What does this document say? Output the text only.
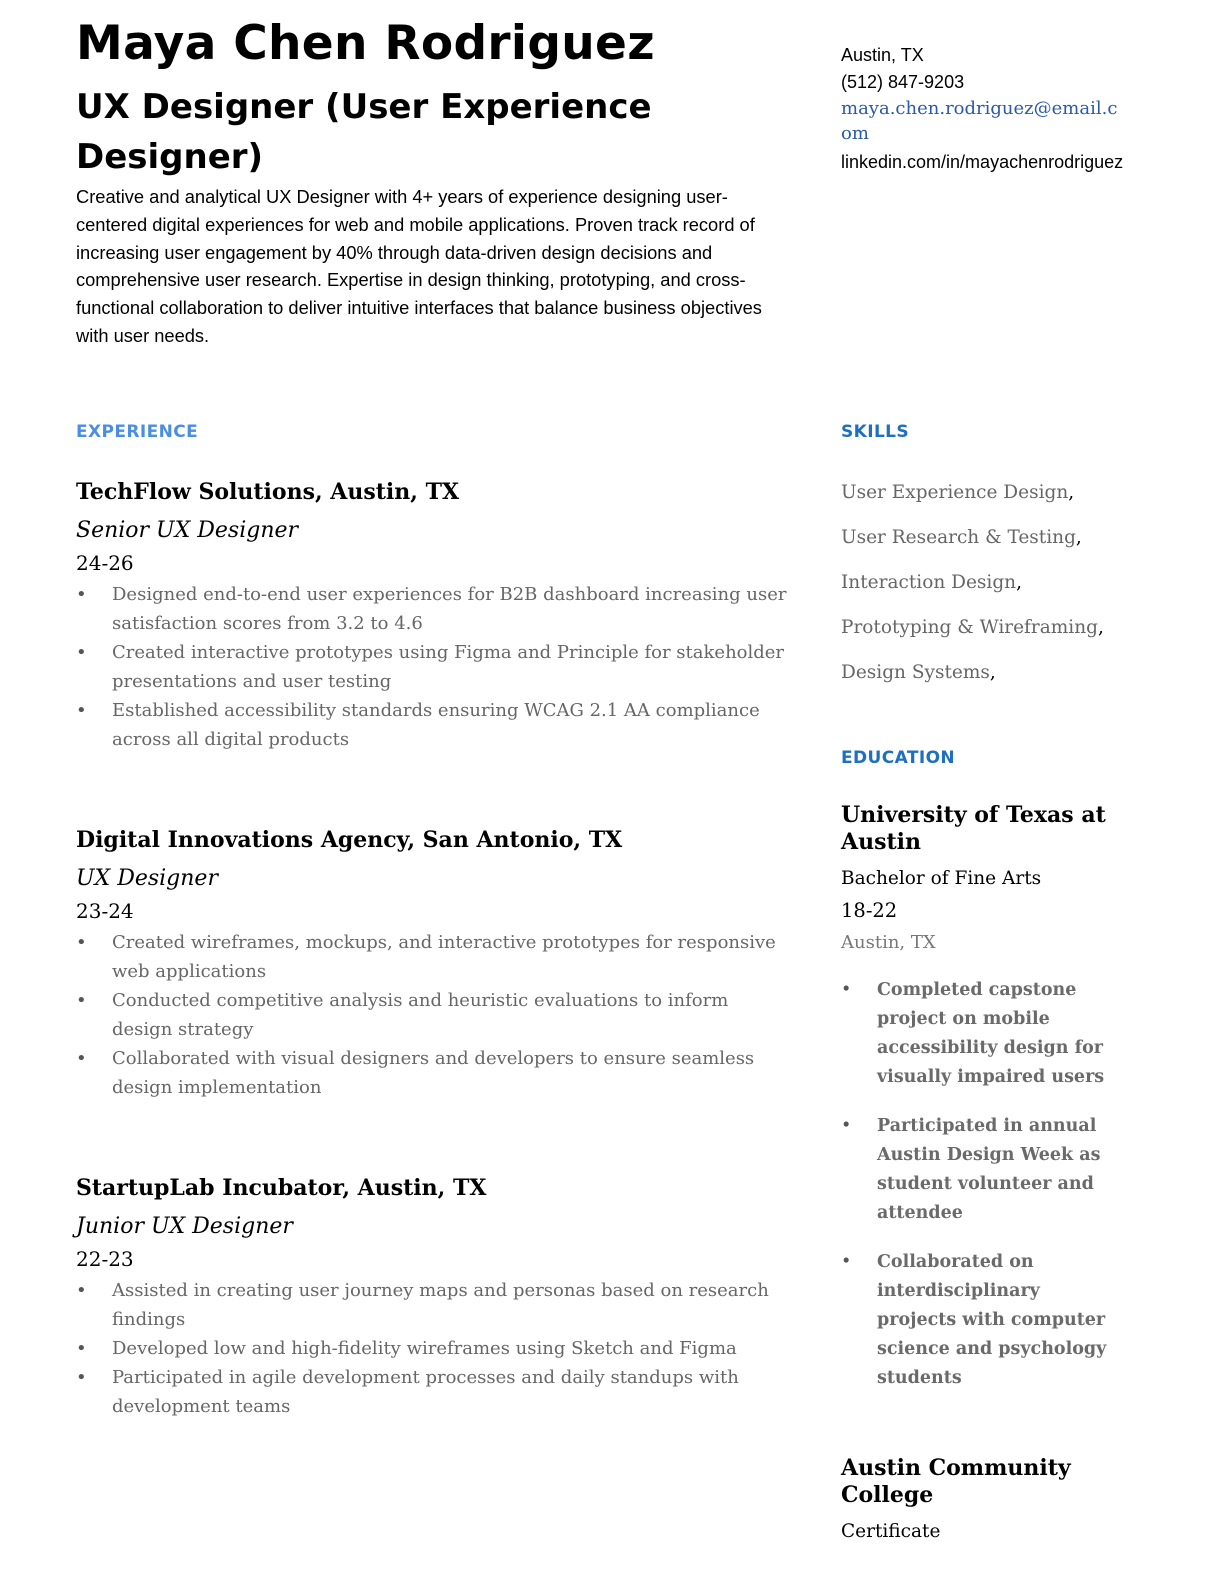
Maya Chen Rodriguez
UX Designer (User Experience Designer)

Creative and analytical UX Designer with 4+ years of experience designing user-centered digital experiences for web and mobile applications. Proven track record of increasing user engagement by 40% through data-driven design decisions and comprehensive user research. Expertise in design thinking, prototyping, and cross-functional collaboration to deliver intuitive interfaces that balance business objectives with user needs.

EXPERIENCE
TechFlow Solutions, Austin, TX
Senior UX Designer
24-26
• Designed end-to-end user experiences for B2B dashboard increasing user satisfaction scores from 3.2 to 4.6
• Created interactive prototypes using Figma and Principle for stakeholder presentations and user testing
• Established accessibility standards ensuring WCAG 2.1 AA compliance across all digital products
Digital Innovations Agency, San Antonio, TX
UX Designer
23-24
• Created wireframes, mockups, and interactive prototypes for responsive web applications
• Conducted competitive analysis and heuristic evaluations to inform design strategy
• Collaborated with visual designers and developers to ensure seamless design implementation
StartupLab Incubator, Austin, TX
Junior UX Designer
22-23
• Assisted in creating user journey maps and personas based on research findings
• Developed low and high-fidelity wireframes using Sketch and Figma
• Participated in agile development processes and daily standups with development teams
Austin, TX
(512) 847-9203
maya.chen.rodriguez@email.com
linkedin.com/in/mayachenrodriguez
SKILLS
User Experience Design,
User Research & Testing,
Interaction Design,
Prototyping & Wireframing,
Design Systems,
EDUCATION
University of Texas at Austin
Bachelor of Fine Arts
18-22
Austin, TX
• Completed capstone project on mobile accessibility design for visually impaired users
• Participated in annual Austin Design Week as student volunteer and attendee
• Collaborated on interdisciplinary projects with computer science and psychology students
Austin Community College
Certificate
